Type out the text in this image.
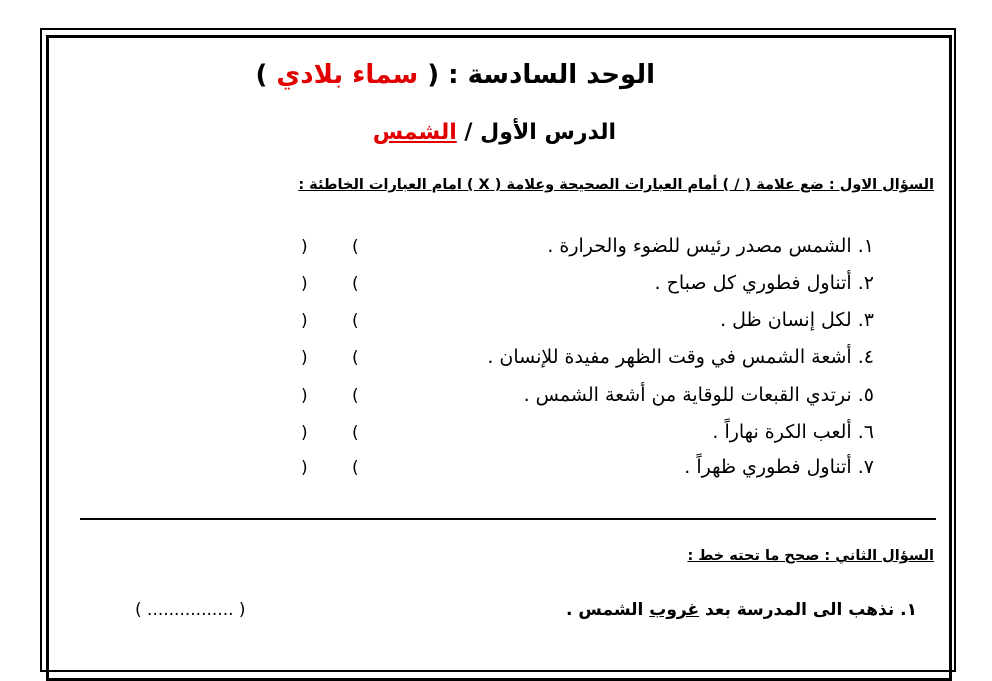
الوحد السادسة : ( سماء بلادي )
الدرس الأول / الشمس
السؤال الاول : ضع علامة ( / ) أمام العبارات الصحيحة وعلامة ( X ) امام العبارات الخاطئة :
١. الشمس مصدر رئيس للضوء والحرارة .
(
)
٢. أتناول فطوري كل صباح .
(
)
٣. لكل إنسان ظل .
(
)
٤. أشعة الشمس في وقت الظهر مفيدة للإنسان .
(
)
٥. نرتدي القبعات للوقاية من أشعة الشمس .
(
)
٦. ألعب الكرة نهاراً .
(
)
٧. أتناول فطوري ظهراً .
(
)
السؤال الثاني : صحح ما تحته خط :
١. نذهب الى المدرسة بعد غروب الشمس .
( ................ )
